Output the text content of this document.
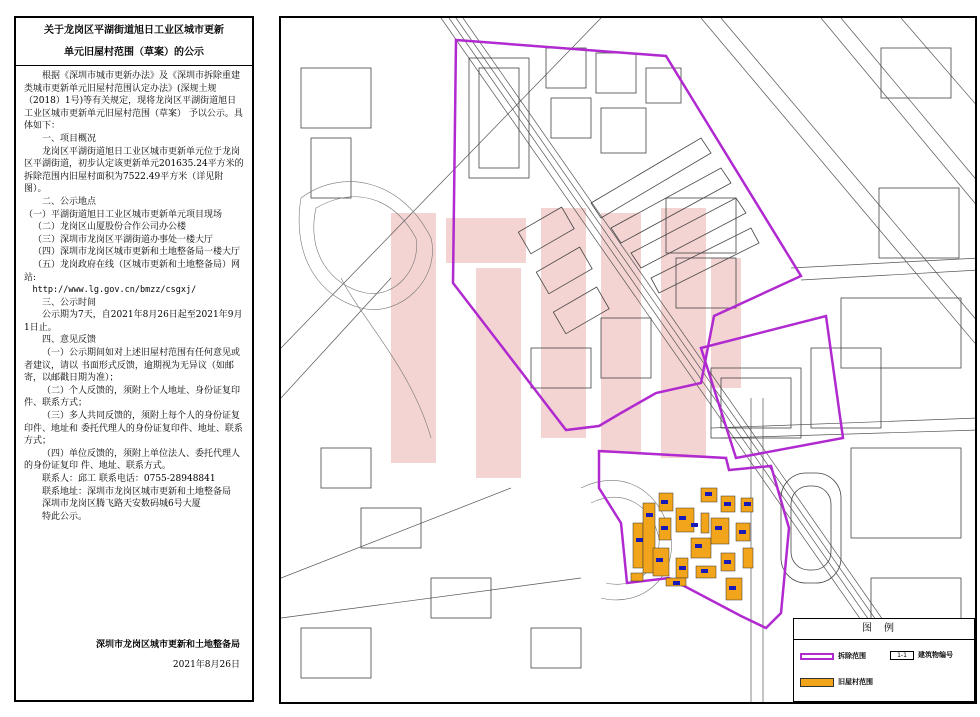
关于龙岗区平湖街道旭日工业区城市更新
单元旧屋村范围（草案）的公示

根据《深圳市城市更新办法》及《深圳市拆除重建类城市更新单元旧屋村范围认定办法》(深规土规（2018）1号)等有关规定，现将龙岗区平湖街道旭日工业区城市更新单元旧屋村范围（草案） 予以公示。具体如下：

一、项目概况

龙岗区平湖街道旭日工业区城市更新单元位于龙岗区平湖街道，初步认定该更新单元201635.24平方米的拆除范围内旧屋村面积为7522.49平方米（详见附图）。

二、公示地点

（一）平湖街道旭日工业区城市更新单元项目现场

（二）龙岗区山厦股份合作公司办公楼

（三）深圳市龙岗区平湖街道办事处一楼大厅

（四）深圳市龙岗区城市更新和土地整备局一楼大厅

（五）龙岗政府在线（区城市更新和土地整备局）网站:

http://www.lg.gov.cn/bmzz/csgxj/

三、公示时间

公示期为7天，自2021年8月26日起至2021年9月1日止。

四、意见反馈

（一）公示期间如对上述旧屋村范围有任何意见或者建议，请以 书面形式反馈，逾期视为无异议（如邮寄，以邮戳日期为准）；

（二）个人反馈的，须附上个人地址、身份证复印件、联系方式；

（三）多人共同反馈的，须附上每个人的身份证复印件、地址和 委托代理人的身份证复印件、地址、联系方式；

（四）单位反馈的，须附上单位法人、委托代理人的身份证复印 件、地址、联系方式。

联系人：邱工 联系电话：0755-28948841

联系地址：深圳市龙岗区城市更新和土地整备局

深圳市龙岗区腾飞路天安数码城6号大厦

特此公示。

深圳市龙岗区城市更新和土地整备局
2021年8月26日
图例
拆除范围	1-1	建筑物编号
旧屋村范围
